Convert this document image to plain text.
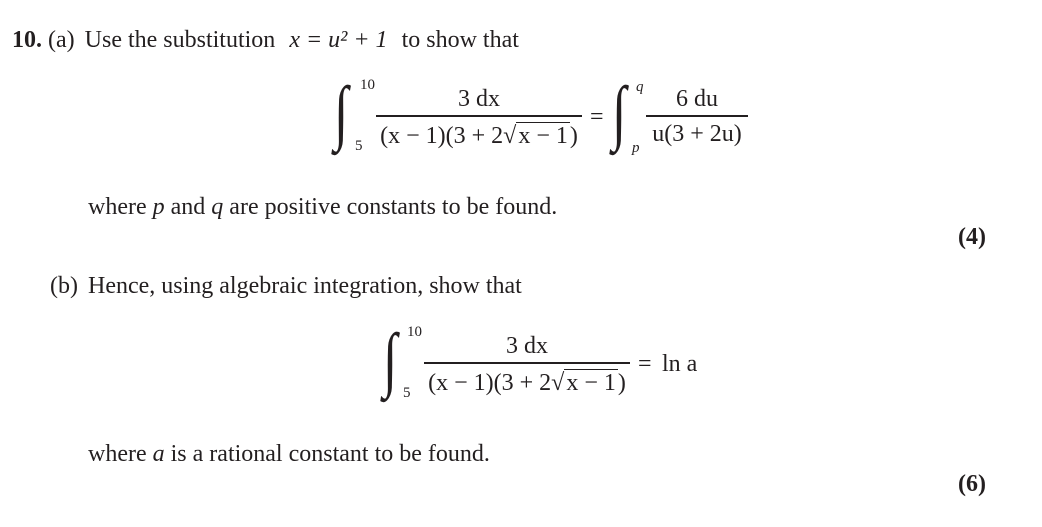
10. (a) Use the substitution x = u² + 1 to show that
∫ 10
5
3 dx
(x − 1)(3 + 2√x − 1)
= ∫ q
p
6 du
u(3 + 2u)
where p and q are positive constants to be found.
(4)
(b) Hence, using algebraic integration, show that
∫ 10
5
3 dx
(x − 1)(3 + 2√x − 1)
= ln a
where a is a rational constant to be found.
(6)
